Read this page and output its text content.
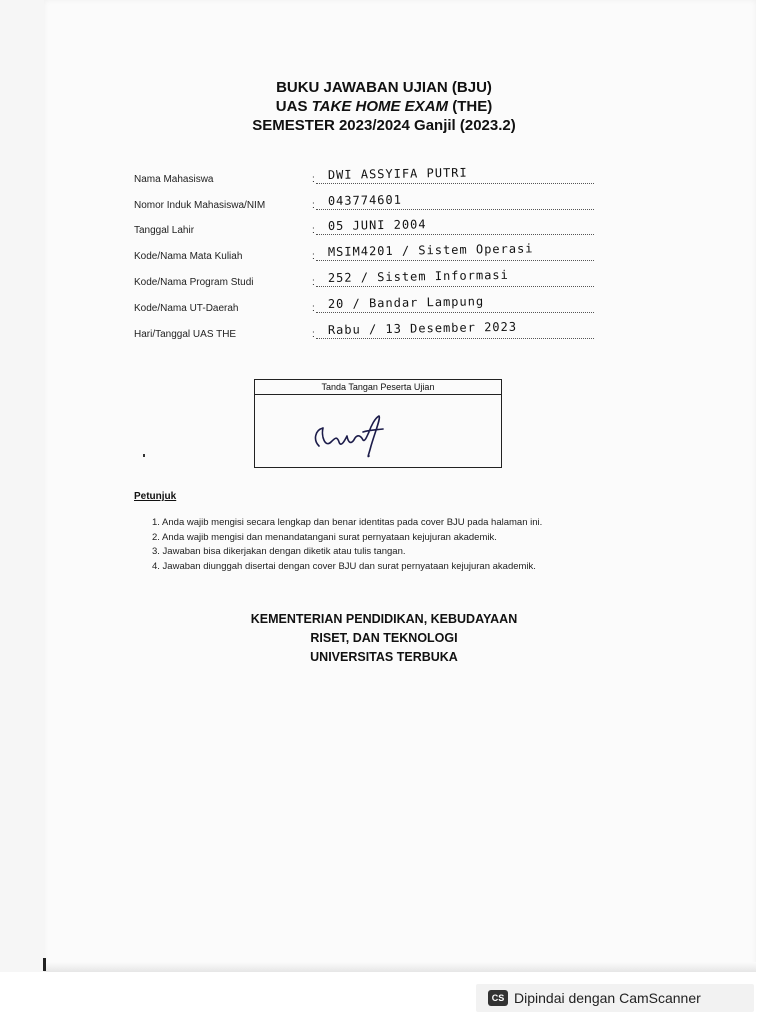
BUKU JAWABAN UJIAN (BJU)
UAS TAKE HOME EXAM (THE)
SEMESTER 2023/2024 Ganjil (2023.2)
Nama Mahasiswa	: DWI ASSYIFA PUTRI
Nomor Induk Mahasiswa/NIM	: 043774601
Tanggal Lahir	: 05 JUNI 2004
Kode/Nama Mata Kuliah	: MSIM4201 / Sistem Operasi
Kode/Nama Program Studi	: 252 / Sistem Informasi
Kode/Nama UT-Daerah	: 20 / Bandar Lampung
Hari/Tanggal UAS THE	: Rabu / 13 Desember 2023
Tanda Tangan Peserta Ujian
Petunjuk
1. Anda wajib mengisi secara lengkap dan benar identitas pada cover BJU pada halaman ini.
2. Anda wajib mengisi dan menandatangani surat pernyataan kejujuran akademik.
3. Jawaban bisa dikerjakan dengan diketik atau tulis tangan.
4. Jawaban diunggah disertai dengan cover BJU dan surat pernyataan kejujuran akademik.
KEMENTERIAN PENDIDIKAN, KEBUDAYAAN
RISET, DAN TEKNOLOGI
UNIVERSITAS TERBUKA
CS Dipindai dengan CamScanner
